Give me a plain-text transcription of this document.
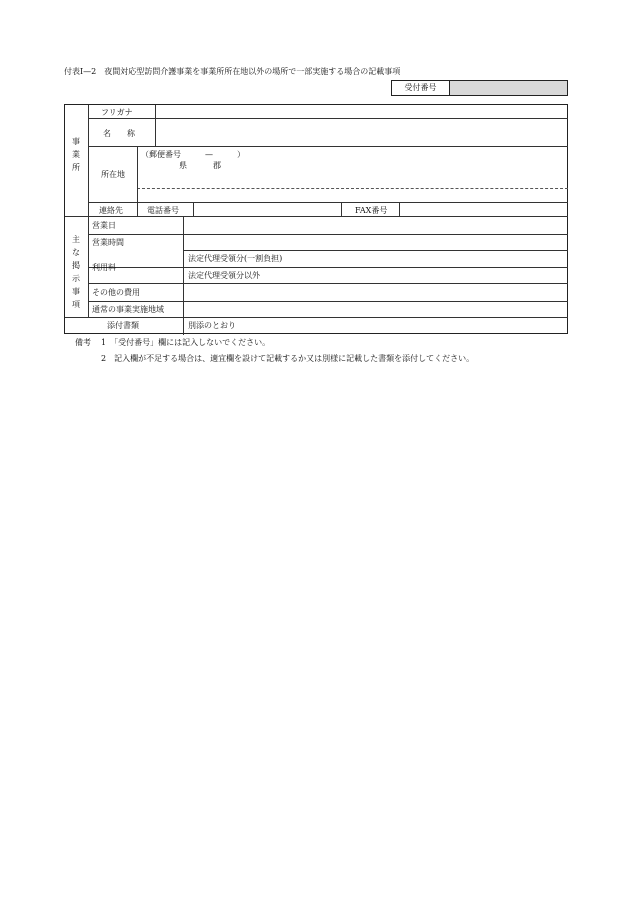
付表Ⅰ—2　夜間対応型訪問介護事業を事業所所在地以外の場所で一部実施する場合の記載事項
受付番号
事業所
主な掲示事項
フリガナ
名　　称
所在地
（郵便番号　　　—　　　）
県	郡
連絡先	電話番号	FAX番号
営業日
営業時間
利用料
法定代理受領分(一割負担)
法定代理受領分以外
その他の費用
通常の事業実施地域
添付書類	別添のとおり
備考 1　「受付番号」欄には記入しないでください。
2　記入欄が不足する場合は、適宜欄を設けて記載するか又は別様に記載した書類を添付してください。
